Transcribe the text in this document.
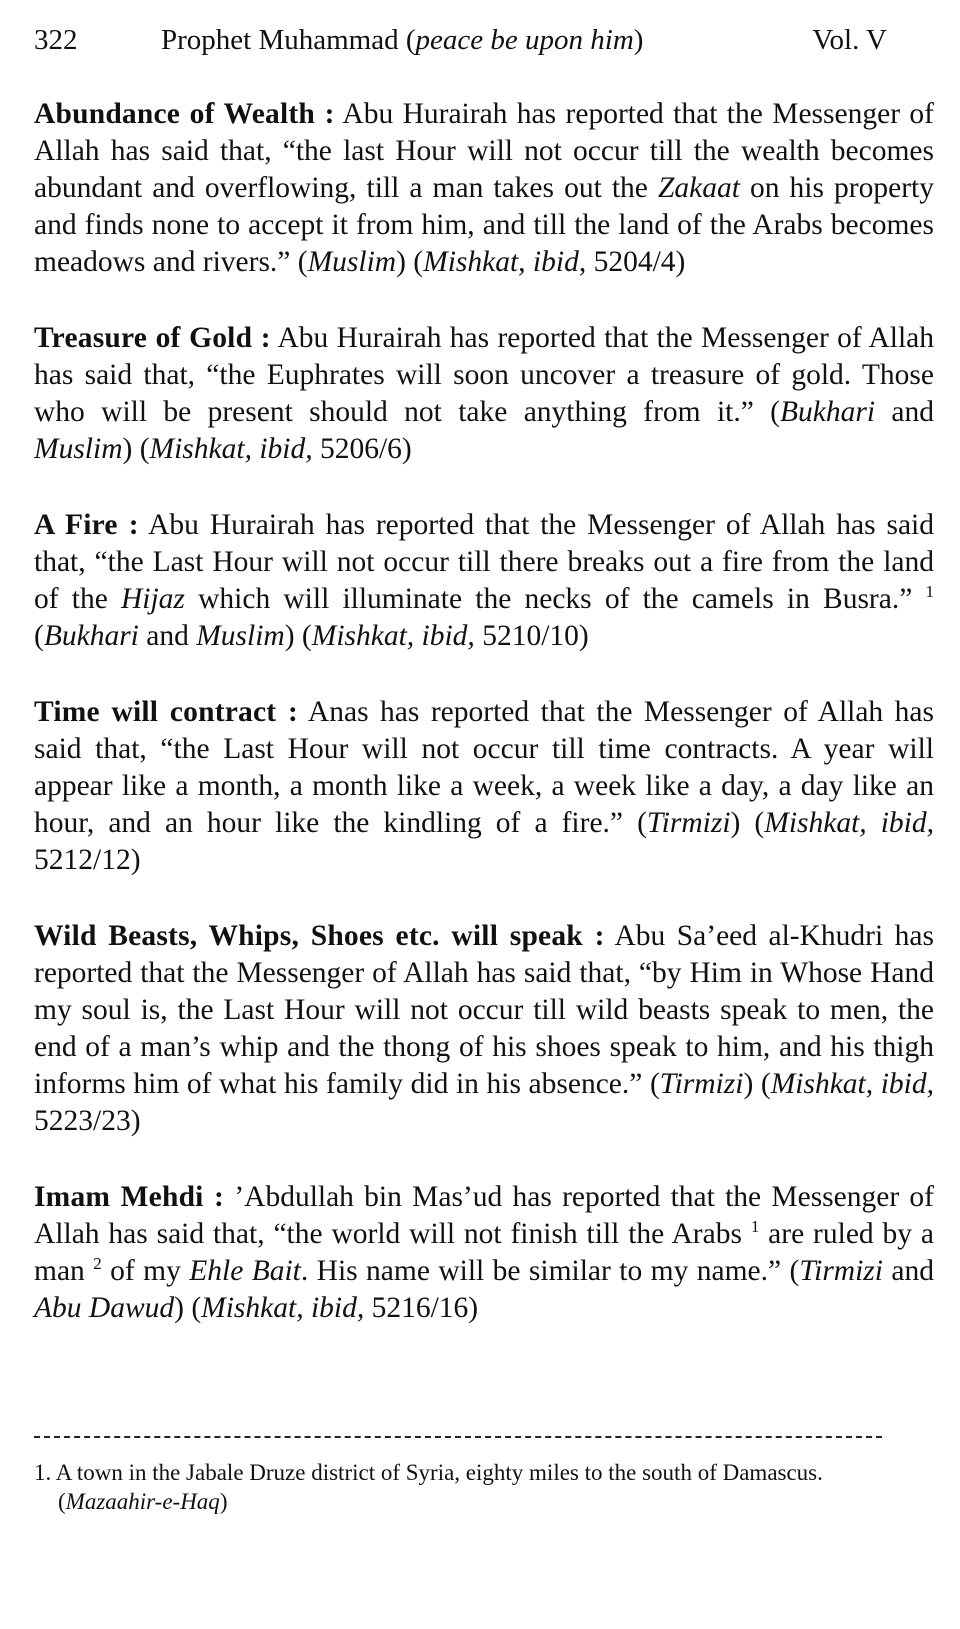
322	Prophet Muhammad (peace be upon him)	Vol. V

Abundance of Wealth : Abu Hurairah has reported that the Messenger of Allah has said that, “the last Hour will not occur till the wealth becomes abundant and overflowing, till a man takes out the Zakaat on his property and finds none to accept it from him, and till the land of the Arabs becomes meadows and rivers.” (Muslim) (Mishkat, ibid, 5204/4)

Treasure of Gold : Abu Hurairah has reported that the Messenger of Allah has said that, “the Euphrates will soon uncover a treasure of gold. Those who will be present should not take anything from it.” (Bukhari and Muslim) (Mishkat, ibid, 5206/6)

A Fire : Abu Hurairah has reported that the Messenger of Allah has said that, “the Last Hour will not occur till there breaks out a fire from the land of the Hijaz which will illuminate the necks of the camels in Busra.” $^1$ (Bukhari and Muslim) (Mishkat, ibid, 5210/10)

Time will contract : Anas has reported that the Messenger of Allah has said that, “the Last Hour will not occur till time contracts. A year will appear like a month, a month like a week, a week like a day, a day like an hour, and an hour like the kindling of a fire.” (Tirmizi) (Mishkat, ibid, 5212/12)

Wild Beasts, Whips, Shoes etc. will speak : Abu Sa’eed al-Khudri has reported that the Messenger of Allah has said that, “by Him in Whose Hand my soul is, the Last Hour will not occur till wild beasts speak to men, the end of a man’s whip and the thong of his shoes speak to him, and his thigh informs him of what his family did in his absence.” (Tirmizi) (Mishkat, ibid, 5223/23)

Imam Mehdi : ’Abdullah bin Mas’ud has reported that the Messenger of Allah has said that, “the world will not finish till the Arabs $^1$ are ruled by a man $^2$ of my Ehle Bait. His name will be similar to my name.” (Tirmizi and Abu Dawud) (Mishkat, ibid, 5216/16)

1. A town in the Jabale Druze district of Syria, eighty miles to the south of Damascus. (Mazaahir-e-Haq)
